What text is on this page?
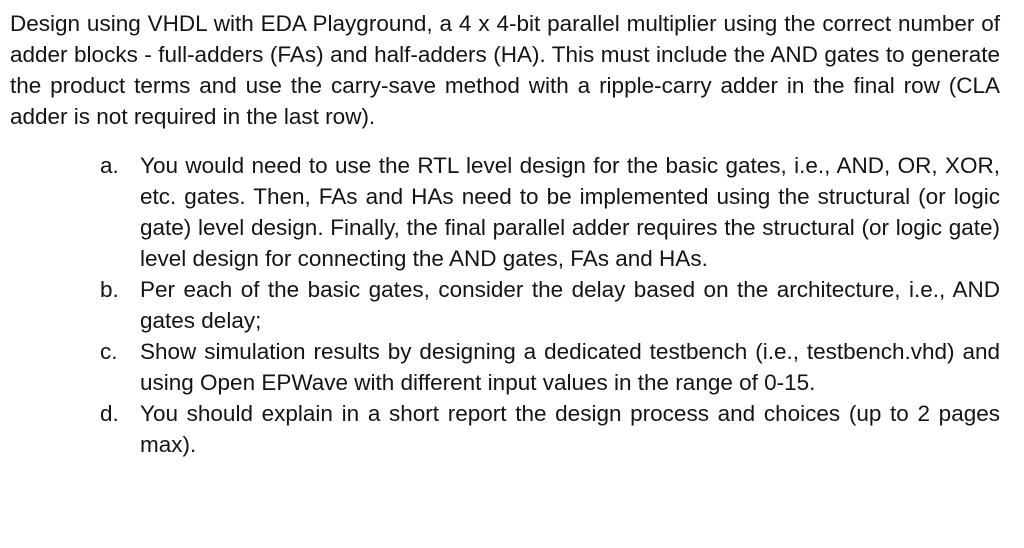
Design using VHDL with EDA Playground, a 4 x 4-bit parallel multiplier using the correct number of adder blocks - full-adders (FAs) and half-adders (HA). This must include the AND gates to generate the product terms and use the carry-save method with a ripple-carry adder in the final row (CLA adder is not required in the last row).

a. You would need to use the RTL level design for the basic gates, i.e., AND, OR, XOR, etc. gates. Then, FAs and HAs need to be implemented using the structural (or logic gate) level design. Finally, the final parallel adder requires the structural (or logic gate) level design for connecting the AND gates, FAs and HAs.
b. Per each of the basic gates, consider the delay based on the architecture, i.e., AND gates delay;
c. Show simulation results by designing a dedicated testbench (i.e., testbench.vhd) and using Open EPWave with different input values in the range of 0-15.
d. You should explain in a short report the design process and choices (up to 2 pages max).
